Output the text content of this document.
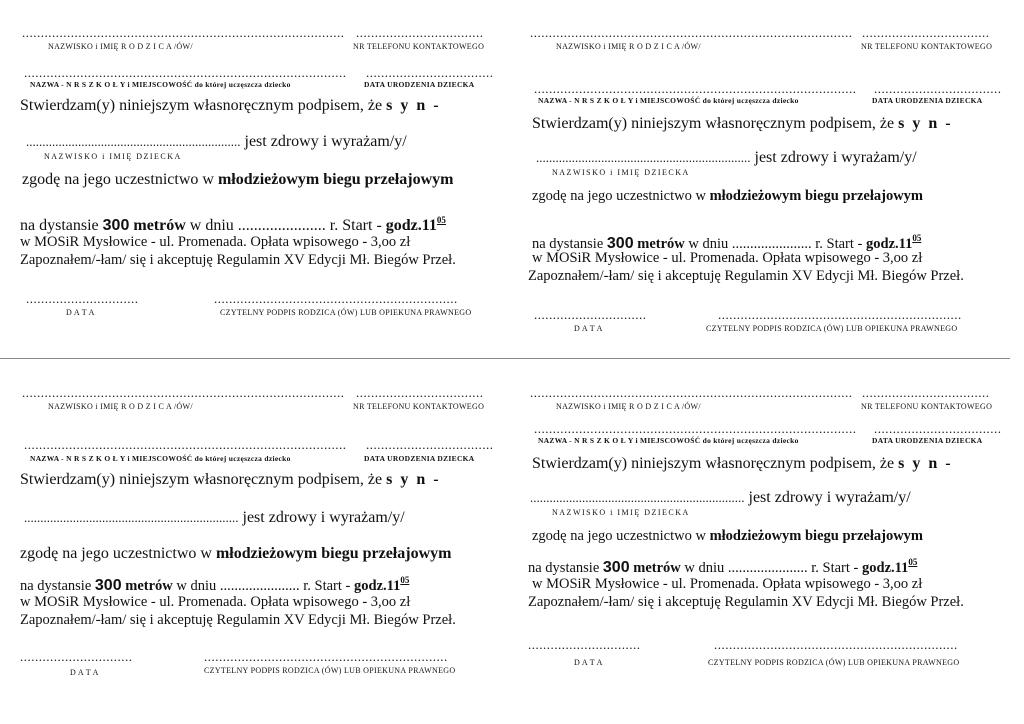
...................................................................................... ..................................
NAZWISKO i IMIĘ R O D Z I C A /ÓW/	NR TELEFONU KONTAKTOWEGO
...................................................................................... ..................................
NAZWA - N R S Z K O Ł Y i MIEJSCOWOŚĆ do której uczęszcza dziecko	DATA URODZENIA DZIECKA
Stwierdzam(y) niniejszym własnoręcznym podpisem, że s y n -
.................................................................. jest zdrowy i wyrażam/y/
NAZWISKO i IMIĘ DZIECKA
zgodę na jego uczestnictwo w młodzieżowym biegu przełajowym
na dystansie 300 metrów w dniu ...................... r. Start - $godz.11^{05}$
w MOSiR Mysłowice - ul. Promenada. Opłata wpisowego - 3,oo zł
Zapoznałem/-łam/ się i akceptuję Regulamin XV Edycji Mł. Biegów Przeł.
..............................	.................................................................
D A T A	CZYTELNY PODPIS RODZICA (ÓW) LUB OPIEKUNA PRAWNEGO
...................................................................................... ..................................
NAZWISKO i IMIĘ R O D Z I C A /ÓW/	NR TELEFONU KONTAKTOWEGO
...................................................................................... ..................................
NAZWA - N R S Z K O Ł Y i MIEJSCOWOŚĆ do której uczęszcza dziecko	DATA URODZENIA DZIECKA
Stwierdzam(y) niniejszym własnoręcznym podpisem, że s y n -
.................................................................. jest zdrowy i wyrażam/y/
NAZWISKO i IMIĘ DZIECKA
zgodę na jego uczestnictwo w młodzieżowym biegu przełajowym
na dystansie 300 metrów w dniu ...................... r. Start - $godz.11^{05}$
w MOSiR Mysłowice - ul. Promenada. Opłata wpisowego - 3,oo zł
Zapoznałem/-łam/ się i akceptuję Regulamin XV Edycji Mł. Biegów Przeł.
..............................	.................................................................
D A T A	CZYTELNY PODPIS RODZICA (ÓW) LUB OPIEKUNA PRAWNEGO
...................................................................................... ..................................
NAZWISKO i IMIĘ R O D Z I C A /ÓW/	NR TELEFONU KONTAKTOWEGO
...................................................................................... ..................................
NAZWA - N R S Z K O Ł Y i MIEJSCOWOŚĆ do której uczęszcza dziecko	DATA URODZENIA DZIECKA
Stwierdzam(y) niniejszym własnoręcznym podpisem, że s y n -
.................................................................. jest zdrowy i wyrażam/y/
zgodę na jego uczestnictwo w młodzieżowym biegu przełajowym
na dystansie 300 metrów w dniu ...................... r. Start - $godz.11^{05}$
w MOSiR Mysłowice - ul. Promenada. Opłata wpisowego - 3,oo zł
Zapoznałem/-łam/ się i akceptuję Regulamin XV Edycji Mł. Biegów Przeł.
..............................	.................................................................
D A T A	CZYTELNY PODPIS RODZICA (ÓW) LUB OPIEKUNA PRAWNEGO
...................................................................................... ..................................
NAZWISKO i IMIĘ R O D Z I C A /ÓW/	NR TELEFONU KONTAKTOWEGO
...................................................................................... ..................................
NAZWA - N R S Z K O Ł Y i MIEJSCOWOŚĆ do której uczęszcza dziecko	DATA URODZENIA DZIECKA
Stwierdzam(y) niniejszym własnoręcznym podpisem, że s y n -
.................................................................. jest zdrowy i wyrażam/y/
NAZWISKO i IMIĘ DZIECKA
zgodę na jego uczestnictwo w młodzieżowym biegu przełajowym
na dystansie 300 metrów w dniu ...................... r. Start - $godz.11^{05}$
w MOSiR Mysłowice - ul. Promenada. Opłata wpisowego - 3,oo zł
Zapoznałem/-łam/ się i akceptuję Regulamin XV Edycji Mł. Biegów Przeł.
..............................	.................................................................
D A T A	CZYTELNY PODPIS RODZICA (ÓW) LUB OPIEKUNA PRAWNEGO
